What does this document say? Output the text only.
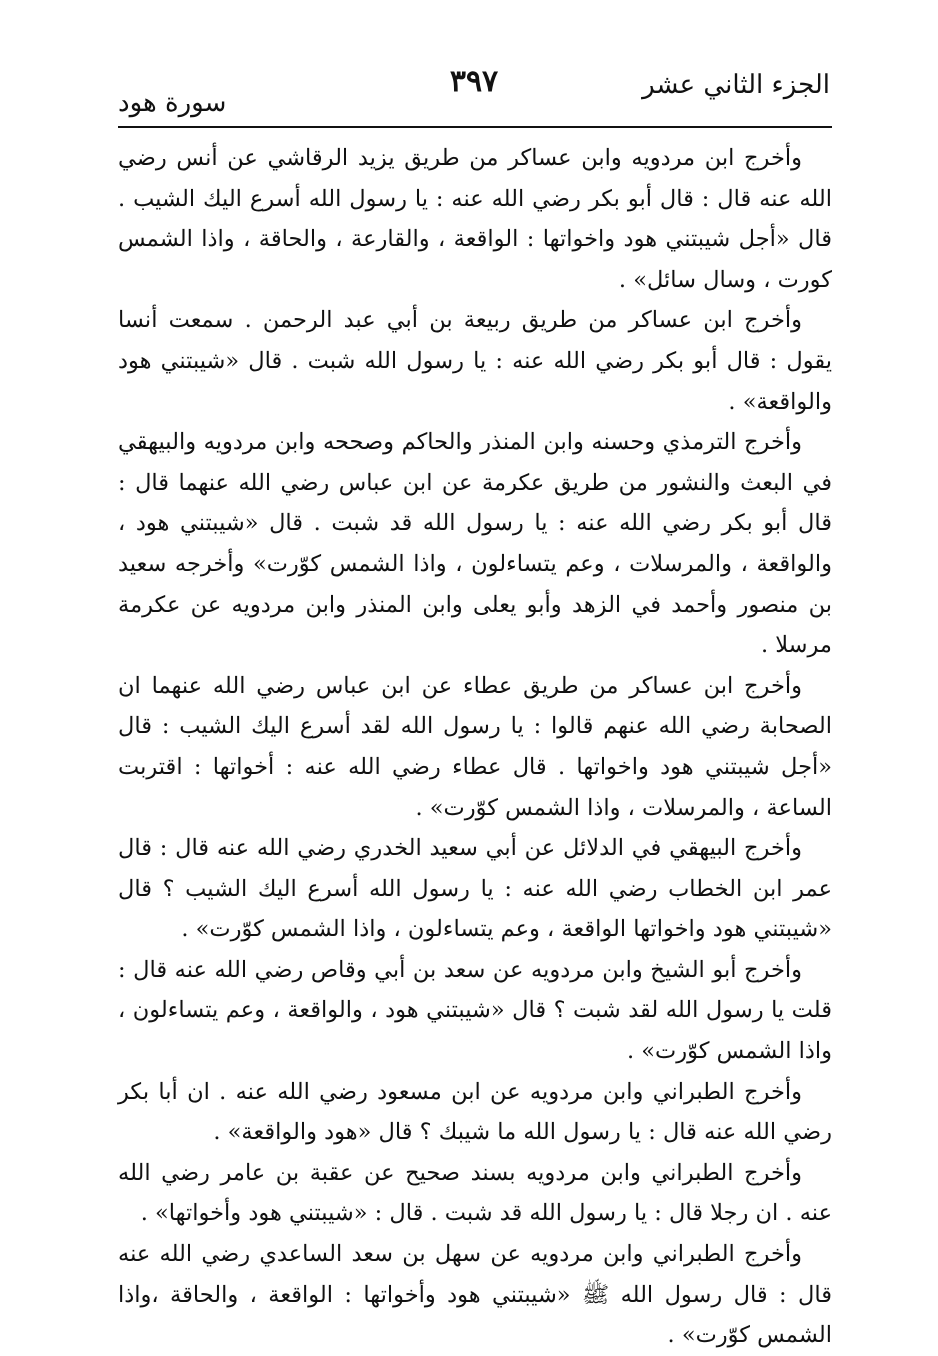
الجزء الثاني عشر
٣٩٧
سورة هود

وأخرج ابن مردويه وابن عساكر من طريق يزيد الرقاشي عن أنس رضي الله عنه قال : قال أبو بكر رضي الله عنه : يا رسول الله أسرع اليك الشيب . قال «أجل شيبتني هود واخواتها : الواقعة ، والقارعة ، والحاقة ، واذا الشمس كورت ، وسال سائل» .

وأخرج ابن عساكر من طريق ربيعة بن أبي عبد الرحمن . سمعت أنسا يقول : قال أبو بكر رضي الله عنه : يا رسول الله شبت . قال «شيبتني هود والواقعة» .

وأخرج الترمذي وحسنه وابن المنذر والحاكم وصححه وابن مردويه والبيهقي في البعث والنشور من طريق عكرمة عن ابن عباس رضي الله عنهما قال : قال أبو بكر رضي الله عنه : يا رسول الله قد شبت . قال «شيبتني هود ، والواقعة ، والمرسلات ، وعم يتساءلون ، واذا الشمس كوّرت» وأخرجه سعيد بن منصور وأحمد في الزهد وأبو يعلى وابن المنذر وابن مردويه عن عكرمة مرسلا .

وأخرج ابن عساكر من طريق عطاء عن ابن عباس رضي الله عنهما ان الصحابة رضي الله عنهم قالوا : يا رسول الله لقد أسرع اليك الشيب : قال «أجل شيبتني هود واخواتها . قال عطاء رضي الله عنه : أخواتها : اقتربت الساعة ، والمرسلات ، واذا الشمس كوّرت» .

وأخرج البيهقي في الدلائل عن أبي سعيد الخدري رضي الله عنه قال : قال عمر ابن الخطاب رضي الله عنه : يا رسول الله أسرع اليك الشيب ؟ قال «شيبتني هود واخواتها الواقعة ، وعم يتساءلون ، واذا الشمس كوّرت» .

وأخرج أبو الشيخ وابن مردويه عن سعد بن أبي وقاص رضي الله عنه قال : قلت يا رسول الله لقد شبت ؟ قال «شيبتني هود ، والواقعة ، وعم يتساءلون ، واذا الشمس كوّرت» .

وأخرج الطبراني وابن مردويه عن ابن مسعود رضي الله عنه . ان أبا بكر رضي الله عنه قال : يا رسول الله ما شيبك ؟ قال «هود والواقعة» .

وأخرج الطبراني وابن مردويه بسند صحيح عن عقبة بن عامر رضي الله عنه . ان رجلا قال : يا رسول الله قد شبت . قال : «شيبتني هود وأخواتها» .

وأخرج الطبراني وابن مردويه عن سهل بن سعد الساعدي رضي الله عنه قال : قال رسول الله ﷺ «شيبتني هود وأخواتها : الواقعة ، والحاقة ،واذا الشمس كوّرت» .
